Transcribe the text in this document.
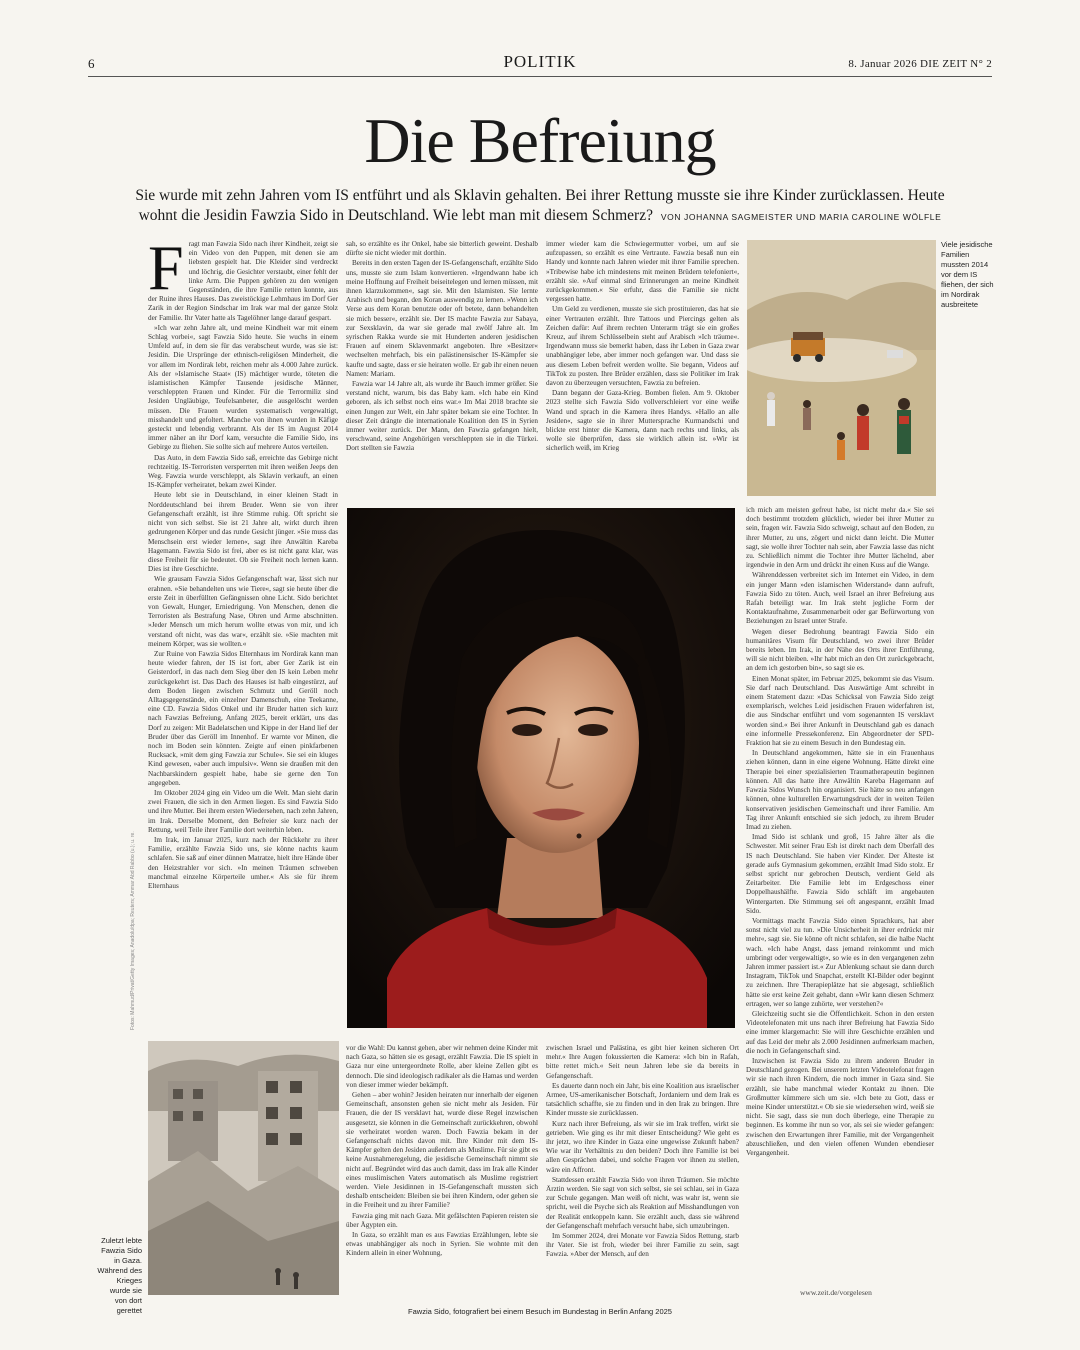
6	POLITIK	8. Januar 2026 DIE ZEIT N° 2
Die Befreiung

Sie wurde mit zehn Jahren vom IS entführt und als Sklavin gehalten. Bei ihrer Rettung musste sie ihre Kinder zurücklassen. Heute wohnt die Jesidin Fawzia Sido in Deutschland. Wie lebt man mit diesem Schmerz? VON JOHANNA SAGMEISTER UND MARIA CAROLINE WÖLFLE

F ragt man Fawzia Sido nach ihrer Kindheit, zeigt sie ein Video von den Puppen, mit denen sie am liebsten gespielt hat. Die Kleider sind verdreckt und löchrig, die Gesichter verstaubt, einer fehlt der linke Arm. Die Puppen gehören zu den wenigen Gegenständen, die ihre Familie retten konnte, aus der Ruine ihres Hauses. Das zweistöckige Lehmhaus im Dorf Ger Zarik in der Region Sindschar im Irak war mal der ganze Stolz der Familie. Ihr Vater hatte als Tagelöhner lange darauf gespart.

»Ich war zehn Jahre alt, und meine Kindheit war mit einem Schlag vorbei«, sagt Fawzia Sido heute. Sie wuchs in einem Umfeld auf, in dem sie für das verabscheut wurde, was sie ist: Jesidin. Die Ursprünge der ethnisch-religiösen Minderheit, die vor allem im Nordirak lebt, reichen mehr als 4.000 Jahre zurück. Als der »Islamische Staat« (IS) mächtiger wurde, töteten die islamistischen Kämpfer Tausende jesidische Männer, verschleppten Frauen und Kinder. Für die Terrormiliz sind Jesiden Ungläubige, Teufelsanbeter, die ausgelöscht werden müssen. Die Frauen wurden systematisch vergewaltigt, misshandelt und gefoltert. Manche von ihnen wurden in Käfige gesteckt und lebendig verbrannt. Als der IS im August 2014 immer näher an ihr Dorf kam, versuchte die Familie Sido, ins Gebirge zu fliehen. Sie sollte sich auf mehrere Autos verteilen.

Das Auto, in dem Fawzia Sido saß, erreichte das Gebirge nicht rechtzeitig. IS-Terroristen versperrten mit ihren weißen Jeeps den Weg. Fawzia wurde verschleppt, als Sklavin verkauft, an einen IS-Kämpfer verheiratet, bekam zwei Kinder.

Heute lebt sie in Deutschland, in einer kleinen Stadt in Norddeutschland bei ihrem Bruder. Wenn sie von ihrer Gefangenschaft erzählt, ist ihre Stimme ruhig. Oft spricht sie nicht von sich selbst. Sie ist 21 Jahre alt, wirkt durch ihren gedrungenen Körper und das runde Gesicht jünger. »Sie muss das Menschsein erst wieder lernen«, sagt ihre Anwältin Kareba Hagemann. Fawzia Sido ist frei, aber es ist nicht ganz klar, was diese Freiheit für sie bedeutet. Ob sie Freiheit noch lernen kann. Dies ist ihre Geschichte.

Wie grausam Fawzia Sidos Gefangenschaft war, lässt sich nur erahnen. »Sie behandelten uns wie Tiere«, sagt sie heute über die erste Zeit in überfüllten Gefängnissen ohne Licht. Sido berichtet von Gewalt, Hunger, Erniedrigung. Von Menschen, denen die Terroristen als Bestrafung Nase, Ohren und Arme abschnitten. »Jeder Mensch um mich herum wollte etwas von mir, und ich verstand oft nicht, was das war«, erzählt sie. »Sie machten mit meinem Körper, was sie wollten.«

Zur Ruine von Fawzia Sidos Elternhaus im Nordirak kann man heute wieder fahren, der IS ist fort, aber Ger Zarik ist ein Geisterdorf, in das nach dem Sieg über den IS kein Leben mehr zurückgekehrt ist. Das Dach des Hauses ist halb eingestürzt, auf dem Boden liegen zwischen Schmutz und Geröll noch Alltagsgegenstände, ein einzelner Damenschuh, eine Teekanne, eine CD. Fawzia Sidos Onkel und ihr Bruder hatten sich kurz nach Fawzias Befreiung, Anfang 2025, bereit erklärt, uns das Dorf zu zeigen: Mit Badelatschen und Kippe in der Hand lief der Bruder über das Geröll im Innenhof. Er warnte vor Minen, die noch im Boden sein könnten. Zeigte auf einen pinkfarbenen Rucksack, »mit dem ging Fawzia zur Schule«. Sie sei ein kluges Kind gewesen, »aber auch impulsiv«. Wenn sie draußen mit den Nachbarskindern gespielt habe, habe sie gerne den Ton angegeben.

Im Oktober 2024 ging ein Video um die Welt. Man sieht darin zwei Frauen, die sich in den Armen liegen. Es sind Fawzia Sido und ihre Mutter. Bei ihrem ersten Wiedersehen, nach zehn Jahren, im Irak. Derselbe Moment, den Befreier sie kurz nach der Rettung, weil Teile ihrer Familie dort weiterhin leben.

Im Irak, im Januar 2025, kurz nach der Rückkehr zu ihrer Familie, erzählte Fawzia Sido uns, sie könne nachts kaum schlafen. Sie saß auf einer dünnen Matratze, hielt ihre Hände über den Heizstrahler vor sich. »In meinen Träumen schweben manchmal einzelne Körperteile umher.« Als sie für ihrem Elternhaus

sah, so erzählte es ihr Onkel, habe sie bitterlich geweint. Deshalb dürfte sie nicht wieder mit dorthin.

Bereits in den ersten Tagen der IS-Gefangenschaft, erzählte Sido uns, musste sie zum Islam konvertieren. »Irgendwann habe ich meine Hoffnung auf Freiheit beiseitelegen und lernen müssen, mit ihnen klarzukommen«, sagt sie. Mit den Islamisten. Sie lernte Arabisch und begann, den Koran auswendig zu lernen. »Wenn ich Verse aus dem Koran benutzte oder oft betete, dann behandelten sie mich besser«, erzählt sie. Der IS machte Fawzia zur Sabaya, zur Sexsklavin, da war sie gerade mal zwölf Jahre alt. Im syrischen Rakka wurde sie mit Hunderten anderen jesidischen Frauen auf einem Sklavenmarkt angeboten. Ihre »Besitzer« wechselten mehrfach, bis ein palästinensischer IS-Kämpfer sie kaufte und sagte, dass er sie heiraten wolle. Er gab ihr einen neuen Namen: Mariam.

Fawzia war 14 Jahre alt, als wurde ihr Bauch immer größer. Sie verstand nicht, warum, bis das Baby kam. »Ich habe ein Kind geboren, als ich selbst noch eins war.« Im Mai 2018 brachte sie einen Jungen zur Welt, ein Jahr später bekam sie eine Tochter. In dieser Zeit drängte die internationale Koalition den IS in Syrien immer weiter zurück. Der Mann, den Fawzia gefangen hielt, verschwand, seine Angehörigen verschleppten sie in die Türkei. Dort stellten sie Fawzia

immer wieder kam die Schwiegermutter vorbei, um auf sie aufzupassen, so erzählt es eine Vertraute. Fawzia besaß nun ein Handy und konnte nach Jahren wieder mit ihrer Familie sprechen. »Tribewise habe ich mindestens mit meinen Brüdern telefoniert«, erzählt sie. »Auf einmal sind Erinnerungen an meine Kindheit zurückgekommen.« Sie erfuhr, dass die Familie sie nicht vergessen hatte.

Um Geld zu verdienen, musste sie sich prostituieren, das hat sie einer Vertrauten erzählt. Ihre Tattoos und Piercings gelten als Zeichen dafür: Auf ihrem rechten Unterarm trägt sie ein großes Kreuz, auf ihrem Schlüsselbein steht auf Arabisch »Ich träume«. Irgendwann muss sie bemerkt haben, dass ihr Leben in Gaza zwar unabhängiger lebe, aber immer noch gefangen war. Und dass sie aus diesem Leben befreit werden wollte. Sie begann, Videos auf TikTok zu posten. Ihre Brüder erzählen, dass sie Politiker im Irak davon zu überzeugen versuchten, Fawzia zu befreien.

Dann begann der Gaza-Krieg. Bomben fielen. Am 9. Oktober 2023 stellte sich Fawzia Sido vollverschleiert vor eine weiße Wand und sprach in die Kamera ihres Handys. »Hallo an alle Jesiden«, sagte sie in ihrer Muttersprache Kurmandschi und blickte erst hinter die Kamera, dann nach rechts und links, als wolle sie überprüfen, dass sie wirklich allein ist. »Wir ist sicherlich weiß, im Krieg

ich mich am meisten gefreut habe, ist nicht mehr da.« Sie sei doch bestimmt trotzdem glücklich, wieder bei ihrer Mutter zu sein, fragen wir. Fawzia Sido schweigt, schaut auf den Boden, zu ihrer Mutter, zu uns, zögert und nickt dann leicht. Die Mutter sagt, sie wolle ihrer Tochter nah sein, aber Fawzia lasse das nicht zu. Schließlich nimmt die Tochter ihre Mutter lächelnd, aber irgendwie in den Arm und drückt ihr einen Kuss auf die Wange.

Währenddessen verbreitet sich im Internet ein Video, in dem ein junger Mann »den islamischen Widerstand« dann aufruft, Fawzia Sido zu töten. Auch, weil Israel an ihrer Befreiung aus Rafah beteiligt war. Im Irak steht jegliche Form der Kontaktaufnahme, Zusammenarbeit oder gar Befürwortung von Beziehungen zu Israel unter Strafe.

Wegen dieser Bedrohung beantragt Fawzia Sido ein humanitäres Visum für Deutschland, wo zwei ihrer Brüder bereits leben. Im Irak, in der Nähe des Orts ihrer Entführung, will sie nicht bleiben. »Ihr habt mich an den Ort zurückgebracht, an dem ich gestorben bin«, so sagt sie es.

Einen Monat später, im Februar 2025, bekommt sie das Visum. Sie darf nach Deutschland. Das Auswärtige Amt schreibt in einem Statement dazu: »Das Schicksal von Fawzia Sido zeigt exemplarisch, welches Leid jesidischen Frauen widerfahren ist, die aus Sindschar entführt und vom sogenannten IS versklavt worden sind.« Bei ihrer Ankunft in Deutschland gab es danach eine informelle Pressekonferenz. Ein Abgeordneter der SPD-Fraktion hat sie zu einem Besuch in den Bundestag ein.

In Deutschland angekommen, hätte sie in ein Frauenhaus ziehen können, dann in eine eigene Wohnung. Hätte direkt eine Therapie bei einer spezialisierten Traumatherapeutin beginnen können. All das hatte ihre Anwältin Kareba Hagemann auf Fawzia Sidos Wunsch hin organisiert. Sie hätte so neu anfangen können, ohne kulturellen Erwartungsdruck der in weiten Teilen konservativen jesidischen Gemeinschaft und ihrer Familie. Am Tag ihrer Ankunft entschied sie sich jedoch, zu ihrem Bruder Imad zu ziehen.

Imad Sido ist schlank und groß, 15 Jahre älter als die Schwester. Mit seiner Frau Esh ist direkt nach dem Überfall des IS nach Deutschland. Sie haben vier Kinder. Der Älteste ist gerade aufs Gymnasium gekommen, erzählt Imad Sido stolz. Er selbst spricht nur gebrochen Deutsch, verdient Geld als Zeitarbeiter. Die Familie lebt im Erdgeschoss einer Doppelhaushälfte. Fawzia Sido schläft im angebauten Wintergarten. Die Stimmung sei oft angespannt, erzählt Imad Sido.

Vormittags macht Fawzia Sido einen Sprachkurs, hat aber sonst nicht viel zu tun. »Die Unsicherheit in ihrer erdrückt mir mehr«, sagt sie. Sie könne oft nicht schlafen, sei die halbe Nacht wach. »Ich habe Angst, dass jemand reinkommt und mich umbringt oder vergewaltigt«, so wie es in den vergangenen zehn Jahren immer passiert ist.« Zur Ablenkung schaut sie dann durch Instagram, TikTok und Snapchat, erstellt KI-Bilder oder beginnt zu zeichnen. Ihre Therapieplätze hat sie abgesagt, schließlich hätte sie erst keine Zeit gehabt, dann »Wir kann diesen Schmerz ertragen, wer so lange zuhörte, wer verstehen?«

Gleichzeitig sucht sie die Öffentlichkeit. Schon in den ersten Videotelefonaten mit uns nach ihrer Befreiung hat Fawzia Sido eine immer klargemacht: Sie will ihre Geschichte erzählen und auf das Leid der mehr als 2.000 Jesidinnen aufmerksam machen, die noch in Gefangenschaft sind.

Inzwischen ist Fawzia Sido zu ihrem anderen Bruder in Deutschland gezogen. Bei unserem letzten Videotelefonat fragen wir sie nach ihren Kindern, die noch immer in Gaza sind. Sie erzählt, sie habe manchmal wieder Kontakt zu ihnen. Die Großmutter kümmere sich um sie. »Ich bete zu Gott, dass er meine Kinder unterstützt.« Ob sie sie wiedersehen wird, weiß sie nicht. Sie sagt, dass sie nun doch überlege, eine Therapie zu beginnen. Es komme ihr nun so vor, als sei sie wieder gefangen: zwischen den Erwartungen ihrer Familie, mit der Vergangenheit abzuschließen, und den vielen offenen Wunden ebendieser Vergangenheit.

vor die Wahl: Du kannst gehen, aber wir nehmen deine Kinder mit nach Gaza, so hätten sie es gesagt, erzählt Fawzia. Die IS spielt in Gaza nur eine untergeordnete Rolle, aber kleine Zellen gibt es dennoch. Die sind ideologisch radikaler als die Hamas und werden von dieser immer wieder bekämpft.

Gehen – aber wohin? Jesiden heiraten nur innerhalb der eigenen Gemeinschaft, ansonsten gehen sie nicht mehr als Jesiden. Für Frauen, die der IS versklavt hat, wurde diese Regel inzwischen ausgesetzt, sie können in die Gemeinschaft zurückkehren, obwohl sie verheiratet worden waren. Doch Fawzia bekam in der Gefangenschaft nichts davon mit. Ihre Kinder mit dem IS-Kämpfer gelten den Jesiden außerdem als Muslime. Für sie gibt es keine Ausnahmeregelung, die jesidische Gemeinschaft nimmt sie nicht auf. Begründet wird das auch damit, dass im Irak alle Kinder eines muslimischen Vaters automatisch als Muslime registriert werden. Viele Jesidinnen in IS-Gefangenschaft mussten sich deshalb entscheiden: Bleiben sie bei ihren Kindern, oder gehen sie in die Freiheit und zu ihrer Familie?

Fawzia ging mit nach Gaza. Mit gefälschten Papieren reisten sie über Ägypten ein.

In Gaza, so erzählt man es aus Fawzias Erzählungen, lebte sie etwas unabhängiger als noch in Syrien. Sie wohnte mit den Kindern allein in einer Wohnung,

zwischen Israel und Palästina, es gibt hier keinen sicheren Ort mehr.« Ihre Augen fokussierten die Kamera: »Ich bin in Rafah, bitte rettet mich.« Seit neun Jahren lebe sie da bereits in Gefangenschaft.

Es dauerte dann noch ein Jahr, bis eine Koalition aus israelischer Armee, US-amerikanischer Botschaft, Jordaniern und dem Irak es tatsächlich schaffte, sie zu finden und in den Irak zu bringen. Ihre Kinder musste sie zurücklassen.

Kurz nach ihrer Befreiung, als wir sie im Irak treffen, wirkt sie getrieben. Wie ging es ihr mit dieser Entscheidung? Wie geht es ihr jetzt, wo ihre Kinder in Gaza eine ungewisse Zukunft haben? Wie war ihr Verhältnis zu den beiden? Doch ihre Familie ist bei allen Gesprächen dabei, und solche Fragen vor ihnen zu stellen, wäre ein Affront.

Stattdessen erzählt Fawzia Sido von ihren Träumen. Sie möchte Ärztin werden. Sie sagt von sich selbst, sie sei schlau, sei in Gaza zur Schule gegangen. Man weiß oft nicht, was wahr ist, wenn sie spricht, weil die Psyche sich als Reaktion auf Misshandlungen von der Realität entkoppeln kann. Sie erzählt auch, dass sie während der Gefangenschaft mehrfach versucht habe, sich umzubringen.

Im Sommer 2024, drei Monate vor Fawzia Sidos Rettung, starb ihr Vater. Sie ist froh, wieder bei ihrer Familie zu sein, sagt Fawzia. »Aber der Mensch, auf den

www.zeit.de/vorgelesen
Viele jesidische Familien mussten 2014 vor dem IS fliehen, der sich im Nordirak ausbreitete
Zuletzt lebte Fawzia Sido in Gaza. Während des Krieges wurde sie von dort gerettet	Fawzia Sido, fotografiert bei einem Besuch im Bundestag in Berlin Anfang 2025
Fotos: Mahmud/Privat/Getty Images; Anadolu/dpa; Reuters; Ammar Abd Rabbo (u.); u. re.
